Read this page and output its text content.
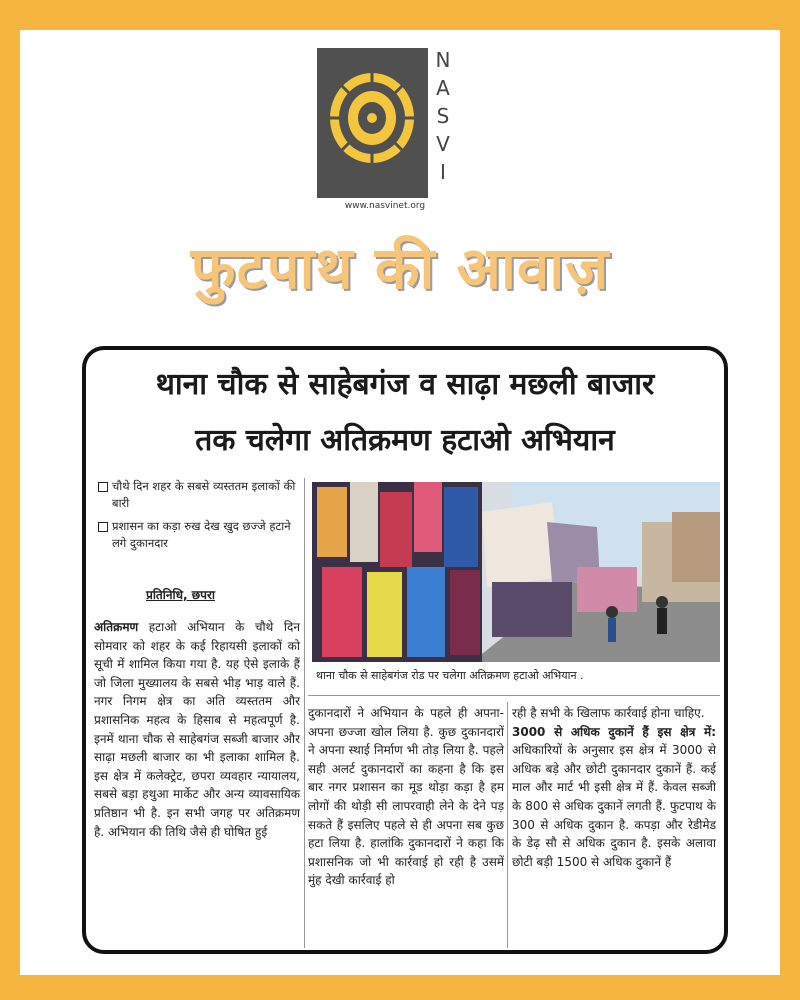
N
A
S
V
I
www.nasvinet.org
फुटपाथ की आवाज़
थाना चौक से साहेबगंज व साढ़ा मछली बाजार
तक चलेगा अतिक्रमण हटाओ अभियान
चौथे दिन शहर के सबसे व्यस्ततम इलाकों की बारी
प्रशासन का कड़ा रुख देख खुद छज्जे हटाने लगे दुकानदार
प्रतिनिधि, छपरा
थाना चौक से साहेबगंज रोड पर चलेगा अतिक्रमण हटाओ अभियान .
अतिक्रमण हटाओ अभियान के चौथे दिन सोमवार को शहर के कई रिहायसी इलाकों को सूची में शामिल किया गया है. यह ऐसे इलाके हैं जो जिला मुख्यालय के सबसे भीड़ भाड़ वाले हैं. नगर निगम क्षेत्र का अति व्यस्ततम और प्रशासनिक महत्व के हिसाब से महत्वपूर्ण है. इनमें थाना चौक से साहेबगंज सब्जी बाजार और साढ़ा मछली बाजार का भी इलाका शामिल है. इस क्षेत्र में कलेक्ट्रेट, छपरा व्यवहार न्यायालय, सबसे बड़ा हथुआ मार्केट और अन्य व्यावसायिक प्रतिष्ठान भी है. इन सभी जगह पर अतिक्रमण है. अभियान की तिथि जैसे ही घोषित हुई
दुकानदारों ने अभियान के पहले ही अपना-अपना छज्जा खोल लिया है. कुछ दुकानदारों ने अपना स्थाई निर्माण भी तोड़ लिया है. पहले सही अलर्ट दुकानदारों का कहना है कि इस बार नगर प्रशासन का मूड थोड़ा कड़ा है हम लोगों की थोड़ी सी लापरवाही लेने के देने पड़ सकते हैं इसलिए पहले से ही अपना सब कुछ हटा लिया है. हालांकि दुकानदारों ने कहा कि प्रशासनिक जो भी कार्रवाई हो रही है उसमें मुंह देखी कार्रवाई हो
रही है सभी के खिलाफ कार्रवाई होना चाहिए.
3000 से अधिक दुकानें हैं इस क्षेत्र में: अधिकारियों के अनुसार इस क्षेत्र में 3000 से अधिक बड़े और छोटी दुकानदार दुकानें हैं. कई माल और मार्ट भी इसी क्षेत्र में हैं. केवल सब्जी के 800 से अधिक दुकानें लगती हैं. फुटपाथ के 300 से अधिक दुकान है. कपड़ा और रेडीमेड के डेढ़ सौ से अधिक दुकान है. इसके अलावा छोटी बड़ी 1500 से अधिक दुकानें हैं
